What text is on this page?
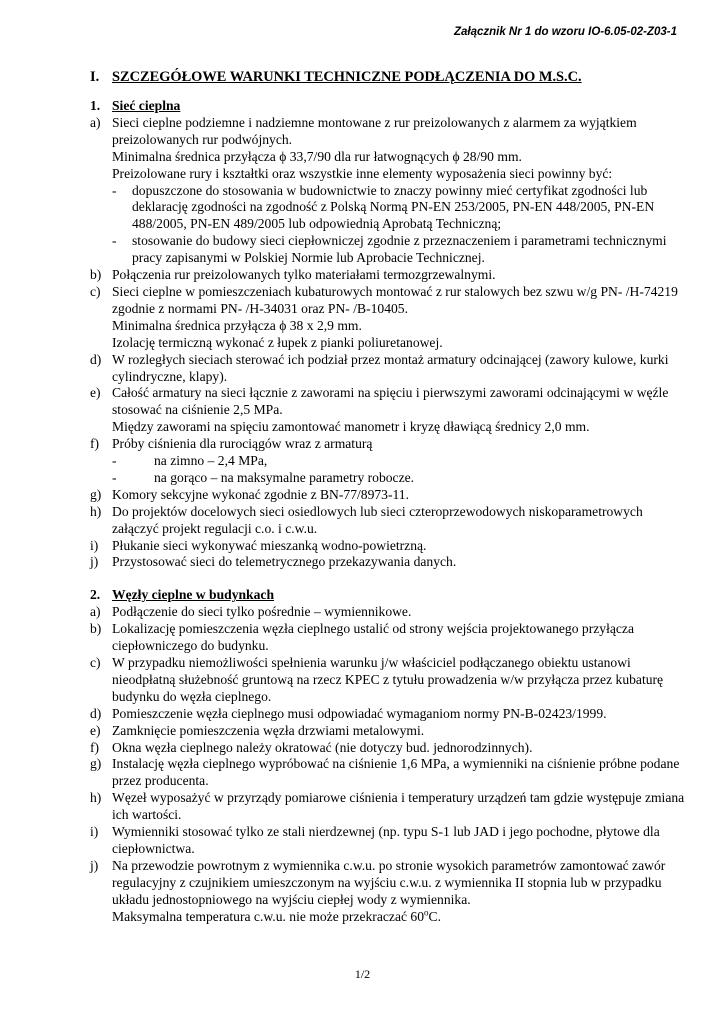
Załącznik Nr 1 do wzoru IO-6.05-02-Z03-1
I. SZCZEGÓŁOWE WARUNKI TECHNICZNE PODŁĄCZENIA DO M.S.C.
1. Sieć cieplna
a) Sieci cieplne podziemne i nadziemne montowane z rur preizolowanych z alarmem za wyjątkiem preizolowanych rur podwójnych.
Minimalna średnica przyłącza ϕ 33,7/90 dla rur łatwognących ϕ 28/90 mm.
Preizolowane rury i kształtki oraz wszystkie inne elementy wyposażenia sieci powinny być:
- dopuszczone do stosowania w budownictwie to znaczy powinny mieć certyfikat zgodności lub deklarację zgodności na zgodność z Polską Normą PN-EN 253/2005, PN-EN 448/2005, PN-EN 488/2005, PN-EN 489/2005 lub odpowiednią Aprobatą Techniczną;
- stosowanie do budowy sieci ciepłowniczej zgodnie z przeznaczeniem i parametrami technicznymi pracy zapisanymi w Polskiej Normie lub Aprobacie Technicznej.
b) Połączenia rur preizolowanych tylko materiałami termozgrzewalnymi.
c) Sieci cieplne w pomieszczeniach kubaturowych montować z rur stalowych bez szwu w/g PN- /H-74219 zgodnie z normami PN- /H-34031 oraz PN- /B-10405.
Minimalna średnica przyłącza ϕ 38 x 2,9 mm.
Izolację termiczną wykonać z łupek z pianki poliuretanowej.
d) W rozległych sieciach sterować ich podział przez montaż armatury odcinającej (zawory kulowe, kurki cylindryczne, klapy).
e) Całość armatury na sieci łącznie z zaworami na spięciu i pierwszymi zaworami odcinającymi w węźle stosować na ciśnienie 2,5 MPa.
Między zaworami na spięciu zamontować manometr i kryzę dławiącą średnicy 2,0 mm.
f) Próby ciśnienia dla rurociągów wraz z armaturą
-	na zimno – 2,4 MPa,
-	na gorąco – na maksymalne parametry robocze.
g) Komory sekcyjne wykonać zgodnie z BN-77/8973-11.
h) Do projektów docelowych sieci osiedlowych lub sieci czteroprzewodowych niskoparametrowych załączyć projekt regulacji c.o. i c.w.u.
i) Płukanie sieci wykonywać mieszanką wodno-powietrzną.
j) Przystosować sieci do telemetrycznego przekazywania danych.
2. Węzły cieplne w budynkach
a) Podłączenie do sieci tylko pośrednie – wymiennikowe.
b) Lokalizację pomieszczenia węzła cieplnego ustalić od strony wejścia projektowanego przyłącza ciepłowniczego do budynku.
c) W przypadku niemożliwości spełnienia warunku j/w właściciel podłączanego obiektu ustanowi nieodpłatną służebność gruntową na rzecz KPEC z tytułu prowadzenia w/w przyłącza przez kubaturę budynku do węzła cieplnego.
d) Pomieszczenie węzła cieplnego musi odpowiadać wymaganiom normy PN-B-02423/1999.
e) Zamknięcie pomieszczenia węzła drzwiami metalowymi.
f) Okna węzła cieplnego należy okratować (nie dotyczy bud. jednorodzinnych).
g) Instalację węzła cieplnego wypróbować na ciśnienie 1,6 MPa, a wymienniki na ciśnienie próbne podane przez producenta.
h) Węzeł wyposażyć w przyrządy pomiarowe ciśnienia i temperatury urządzeń tam gdzie występuje zmiana ich wartości.
i) Wymienniki stosować tylko ze stali nierdzewnej (np. typu S-1 lub JAD i jego pochodne, płytowe dla ciepłownictwa.
j) Na przewodzie powrotnym z wymiennika c.w.u. po stronie wysokich parametrów zamontować zawór regulacyjny z czujnikiem umieszczonym na wyjściu c.w.u. z wymiennika II stopnia lub w przypadku układu jednostopniowego na wyjściu ciepłej wody z wymiennika.
Maksymalna temperatura c.w.u. nie może przekraczać 60$^o$C.
1/2
